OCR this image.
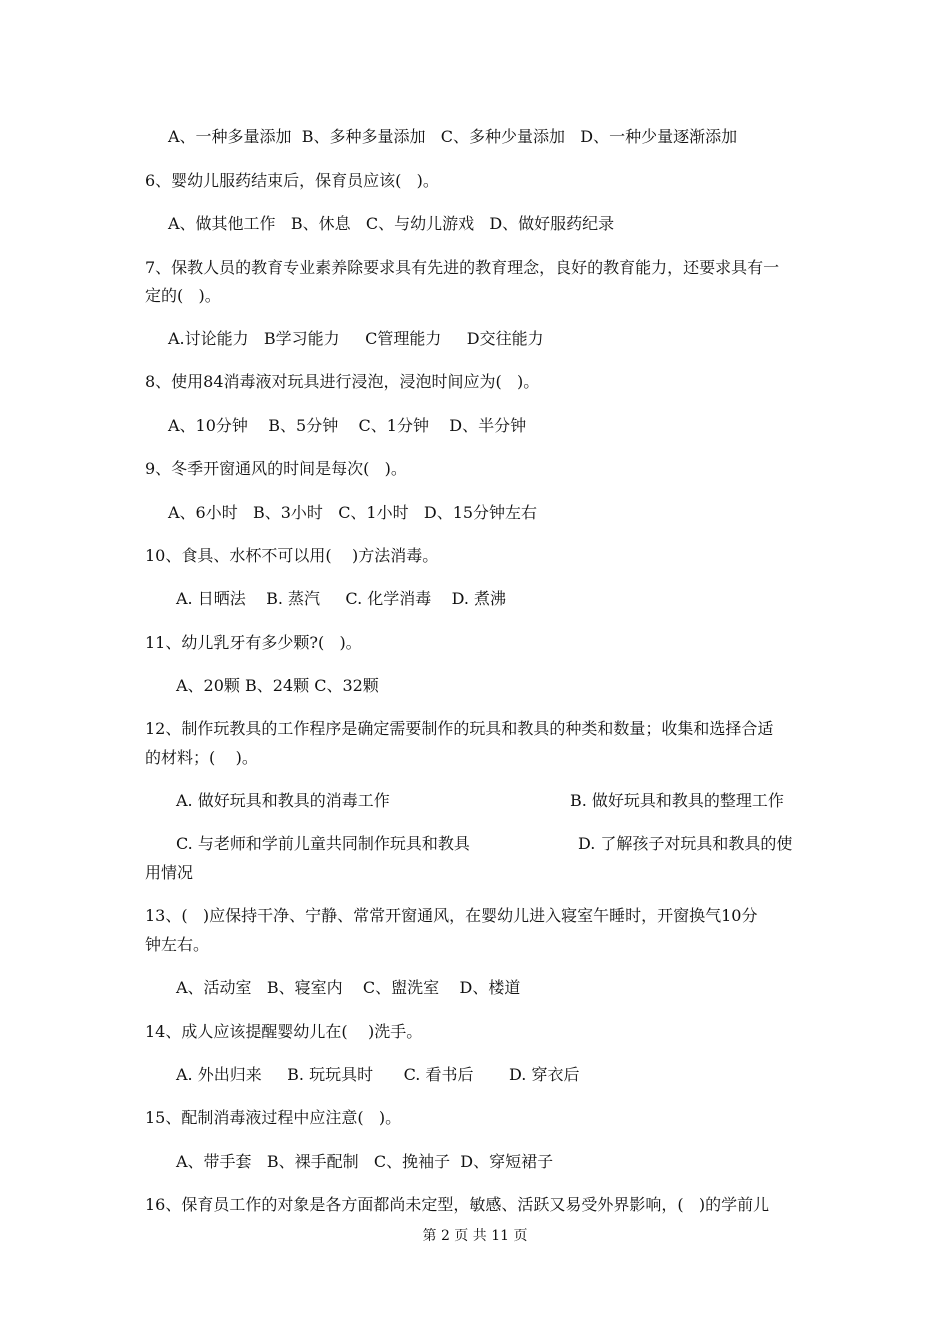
A、一种多量添加  B、多种多量添加   C、多种少量添加   D、一种少量逐渐添加
6、婴幼儿服药结束后，保育员应该(   )。
A、做其他工作   B、休息   C、与幼儿游戏   D、做好服药纪录
7、保教人员的教育专业素养除要求具有先进的教育理念，良好的教育能力，还要求具有一
定的(   )。
A.讨论能力   B学习能力     C管理能力     D交往能力
8、使用84消毒液对玩具进行浸泡，浸泡时间应为(   )。
A、10分钟    B、5分钟    C、1分钟    D、半分钟
9、冬季开窗通风的时间是每次(   )。
A、6小时   B、3小时   C、1小时   D、15分钟左右
10、食具、水杯不可以用(    )方法消毒。
A. 日晒法    B. 蒸汽     C. 化学消毒    D. 煮沸
11、幼儿乳牙有多少颗?(   )。
A、20颗 B、24颗 C、32颗
12、制作玩教具的工作程序是确定需要制作的玩具和教具的种类和数量；收集和选择合适
的材料；(    )。
A. 做好玩具和教具的消毒工作	B. 做好玩具和教具的整理工作
C. 与老师和学前儿童共同制作玩具和教具	D. 了解孩子对玩具和教具的使
用情况
13、(   )应保持干净、宁静、常常开窗通风，在婴幼儿进入寝室午睡时，开窗换气10分
钟左右。
A、活动室   B、寝室内    C、盥洗室    D、楼道
14、成人应该提醒婴幼儿在(    )洗手。
A. 外出归来     B. 玩玩具时      C. 看书后       D. 穿衣后
15、配制消毒液过程中应注意(   )。
A、带手套   B、裸手配制   C、挽袖子  D、穿短裙子
16、保育员工作的对象是各方面都尚未定型，敏感、活跃又易受外界影响，(   )的学前儿
第 2 页 共 11 页
